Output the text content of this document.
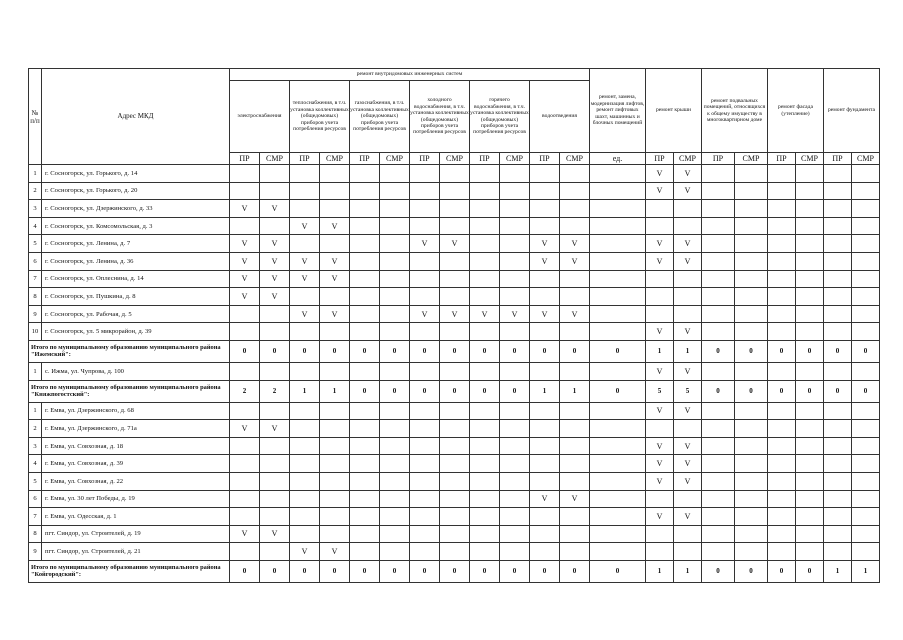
№ п/п	Адрес МКД	ремонт внутридомовых инженерных систем												ремонт, замена, модернизация лифтов, ремонт лифтовых шахт, машинных и блочных помещений	ремонт крыши		ремонт подвальных помещений, относящихся к общему имуществу в многоквартирном доме		ремонт фасада (утепление)		ремонт фундамента	
		электроснабжения		теплоснабжения, в т.ч. установка коллективных (общедомовых) приборов учета потребления ресурсов		газоснабжения, в т.ч. установка коллективных (общедомовых) приборов учета потребления ресурсов		холодного водоснабжения, в т.ч. установка коллективных (общедомовых) приборов учета потребления ресурсов		горячего водоснабжения, в т.ч. установка коллективных (общедомовых) приборов учета потребления ресурсов		водоотведения										
		ПР	СМР	ПР	СМР	ПР	СМР	ПР	СМР	ПР	СМР	ПР	СМР	ед.	ПР	СМР	ПР	СМР	ПР	СМР	ПР	СМР
1	г. Сосногорск, ул. Горького, д. 14														V	V						
2	г. Сосногорск, ул. Горького, д. 20														V	V						
3	г. Сосногорск, ул. Дзержинского, д. 33	V	V																			
4	г. Сосногорск, ул. Комсомольская, д. 3			V	V																	
5	г. Сосногорск, ул. Ленина, д. 7	V	V					V	V			V	V		V	V						
6	г. Сосногорск, ул. Ленина, д. 36	V	V	V	V							V	V		V	V						
7	г. Сосногорск, ул. Оплеснина, д. 14	V	V	V	V																	
8	г. Сосногорск, ул. Пушкина, д. 8	V	V																			
9	г. Сосногорск, ул. Рабочая, д. 5			V	V			V	V	V	V	V	V									
10	г. Сосногорск, ул. 5 микрорайон, д. 39														V	V						
Итого по муниципальному образованию муниципального района "Ижемский":		0	0	0	0	0	0	0	0	0	0	0	0	0	1	1	0	0	0	0	0	0
1	с. Ижма, ул. Чупрова, д. 100														V	V						
Итого по муниципальному образованию муниципального района "Княжпогостский":		2	2	1	1	0	0	0	0	0	0	1	1	0	5	5	0	0	0	0	0	0
1	г. Емва, ул. Дзержинского, д. 68														V	V						
2	г. Емва, ул. Дзержинского, д. 71а	V	V																			
3	г. Емва, ул. Совхозная, д. 18														V	V						
4	г. Емва, ул. Совхозная, д. 39														V	V						
5	г. Емва, ул. Совхозная, д. 22														V	V						
6	г. Емва, ул. 30 лет Победы, д. 19											V	V									
7	г. Емва, ул. Одесская, д. 1														V	V						
8	пгт. Синдор, ул. Строителей, д. 19	V	V																			
9	пгт. Синдор, ул. Строителей, д. 21			V	V																	
Итого по муниципальному образованию муниципального района "Койгородский":		0	0	0	0	0	0	0	0	0	0	0	0	0	1	1	0	0	0	0	1	1
